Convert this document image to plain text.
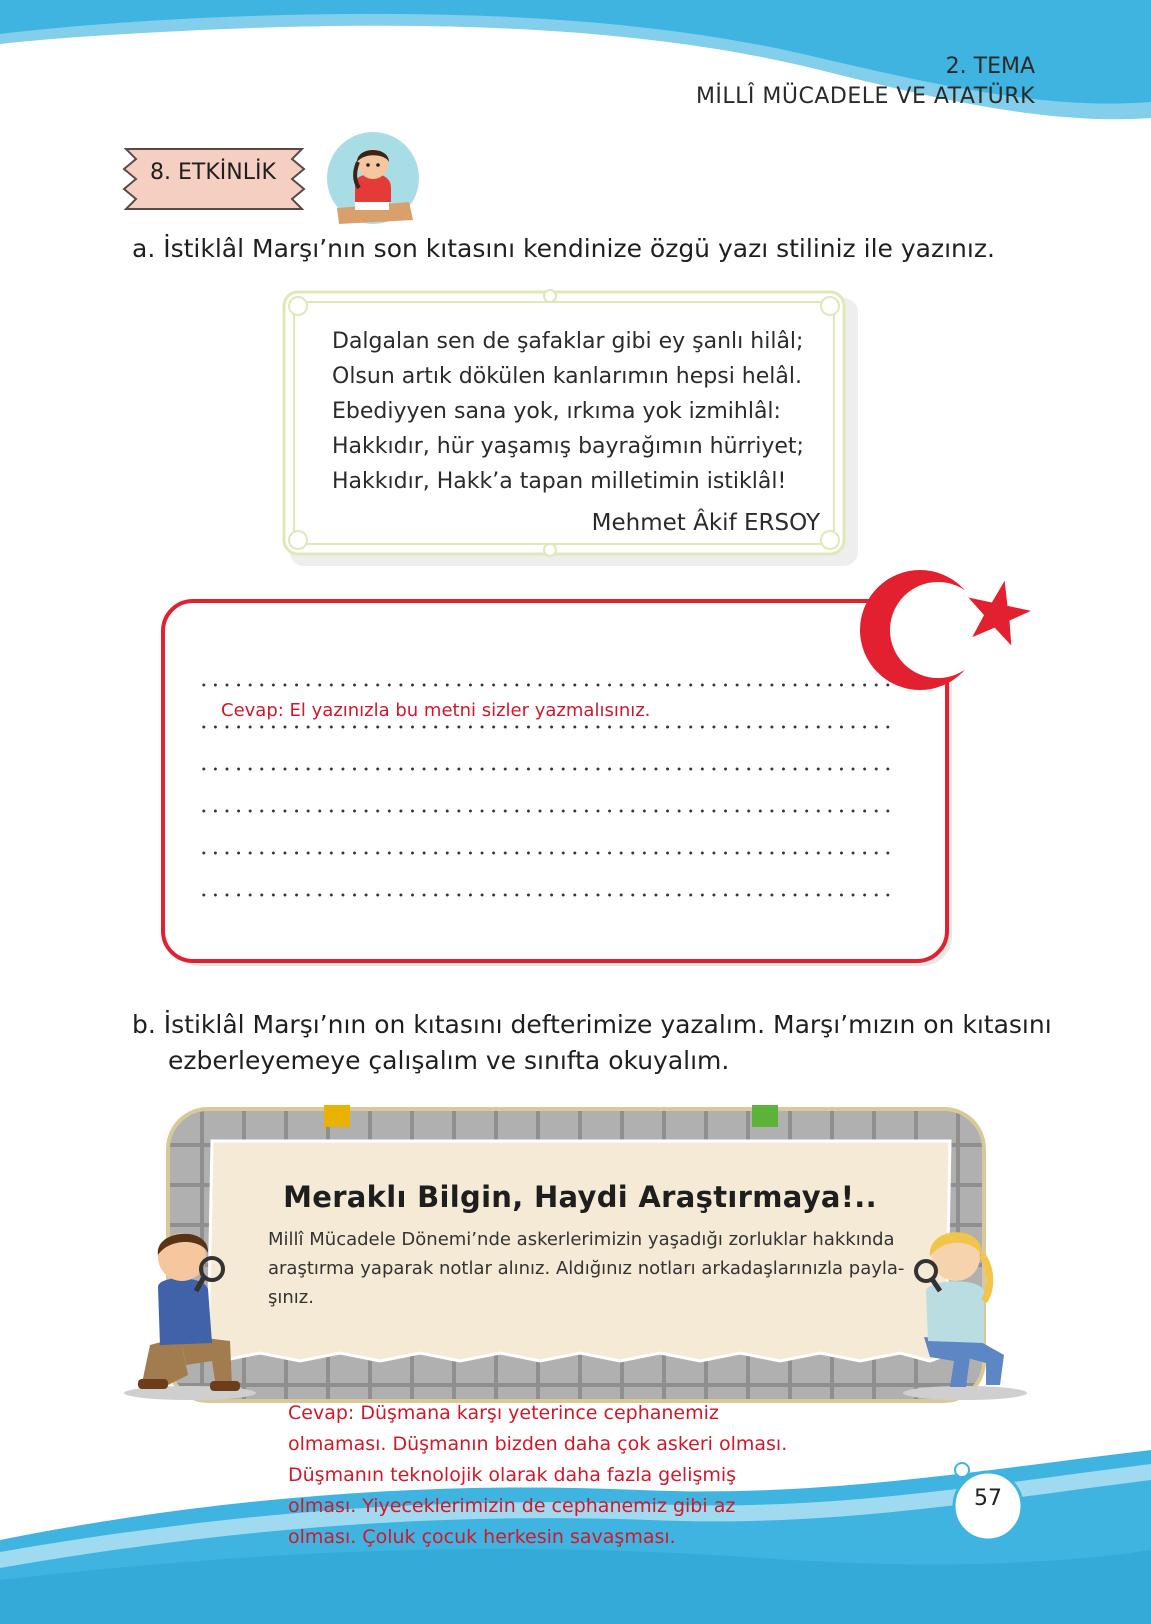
2. TEMA
MİLLÎ MÜCADELE VE ATATÜRK
8. ETKİNLİK
a. İstiklâl Marşı’nın son kıtasını kendinize özgü yazı stiliniz ile yazınız.
Dalgalan sen de şafaklar gibi ey şanlı hilâl;
Olsun artık dökülen kanlarımın hepsi helâl.
Ebediyyen sana yok, ırkıma yok izmihlâl:
Hakkıdır, hür yaşamış bayrağımın hürriyet;
Hakkıdır, Hakk’a tapan milletimin istiklâl!
Mehmet Âkif ERSOY
Cevap: El yazınızla bu metni sizler yazmalısınız.
b. İstiklâl Marşı’nın on kıtasını defterimize yazalım. Marşı’mızın on kıtasını
ezberleyemeye çalışalım ve sınıfta okuyalım.
Meraklı Bilgin, Haydi Araştırmaya!..
Millî Mücadele Dönemi’nde askerlerimizin yaşadığı zorluklar hakkında araştırma yaparak notlar alınız. Aldığınız notları arkadaşlarınızla payla-şınız.
57
Cevap: Düşmana karşı yeterince cephanemiz
olmaması. Düşmanın bizden daha çok askeri olması.
Düşmanın teknolojik olarak daha fazla gelişmiş
olması. Yiyeceklerimizin de cephanemiz gibi az
olması. Çoluk çocuk herkesin savaşması.
